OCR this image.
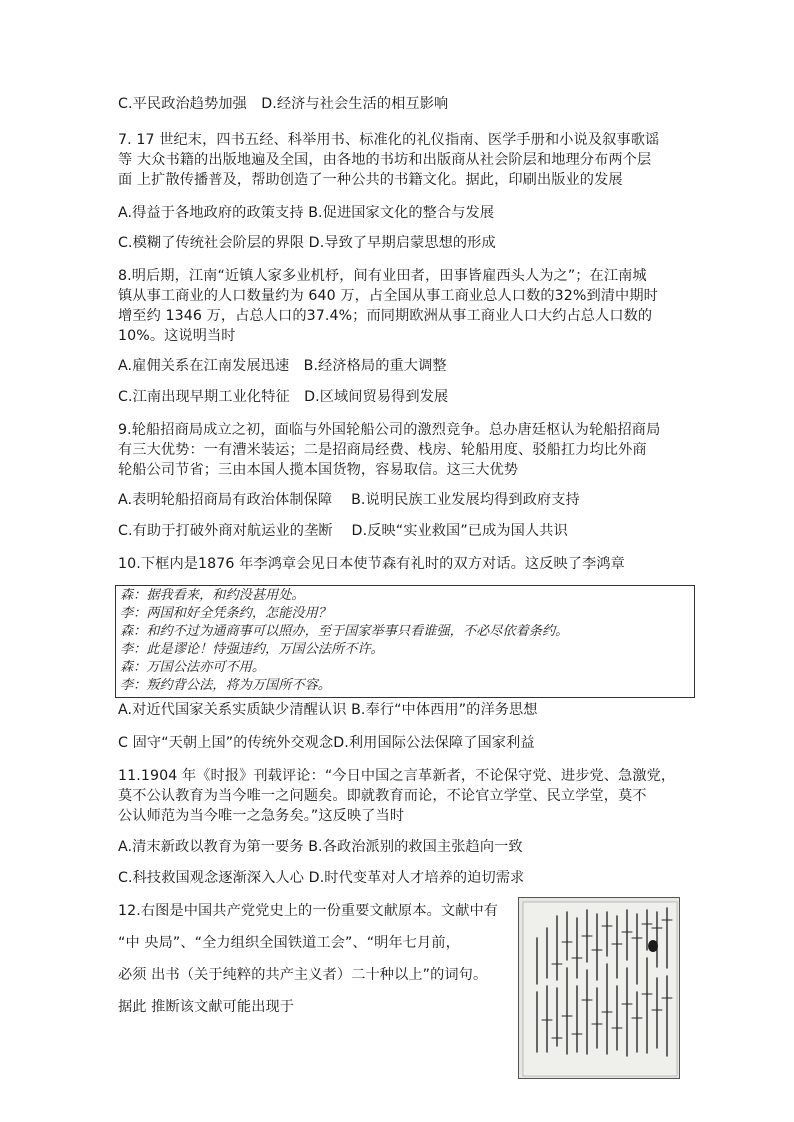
C.平民政治趋势加强　D.经济与社会生活的相互影响
7. 17 世纪末，四书五经、科举用书、标准化的礼仪指南、医学手册和小说及叙事歌谣
等 大众书籍的出版地遍及全国，由各地的书坊和出版商从社会阶层和地理分布两个层
面 上扩散传播普及，帮助创造了一种公共的书籍文化。据此，印刷出版业的发展
A.得益于各地政府的政策支持 B.促进国家文化的整合与发展
C.模糊了传统社会阶层的界限 D.导致了早期启蒙思想的形成
8.明后期，江南“近镇人家多业机杼，间有业田者，田事皆雇西头人为之”；在江南城
镇从事工商业的人口数量约为 640 万，占全国从事工商业总人口数的32%到清中期时
增至约 1346 万，占总人口的37.4%；而同期欧洲从事工商业人口大约占总人口数的
10%。这说明当时
A.雇佣关系在江南发展迅速　B.经济格局的重大调整
C.江南出现早期工业化特征　D.区域间贸易得到发展
9.轮船招商局成立之初，面临与外国轮船公司的激烈竞争。总办唐廷枢认为轮船招商局
有三大优势：一有漕米装运；二是招商局经费、栈房、轮船用度、驳船扛力均比外商
轮船公司节省；三由本国人揽本国货物，容易取信。这三大优势
A.表明轮船招商局有政治体制保障　 B.说明民族工业发展均得到政府支持
C.有助于打破外商对航运业的垄断　 D.反映“实业救国”已成为国人共识
10.下框内是1876 年李鸿章会见日本使节森有礼时的双方对话。这反映了李鸿章
森：据我看来，和约没甚用处。
李：两国和好全凭条约，怎能没用？
森：和约不过为通商事可以照办，至于国家举事只看谁强，不必尽依着条约。
李：此是谬论！恃强违约，万国公法所不许。
森：万国公法亦可不用。
李：叛约背公法，将为万国所不容。
A.对近代国家关系实质缺少清醒认识 B.奉行“中体西用”的洋务思想
C 固守“天朝上国”的传统外交观念D.利用国际公法保障了国家利益
11.1904 年《时报》刊载评论：“今日中国之言革新者，不论保守党、进步党、急激党，
莫不公认教育为当今唯一之问题矣。即就教育而论，不论官立学堂、民立学堂，莫不
公认师范为当今唯一之急务矣。”这反映了当时
A.清末新政以教育为第一要务 B.各政治派别的救国主张趋向一致
C.科技救国观念逐渐深入人心 D.时代变革对人才培养的迫切需求
12.右图是中国共产党党史上的一份重要文献原本。文献中有
“中 央局”、“全力组织全国铁道工会”、“明年七月前，
必须 出书（关于纯粹的共产主义者）二十种以上”的词句。
据此 推断该文献可能出现于
